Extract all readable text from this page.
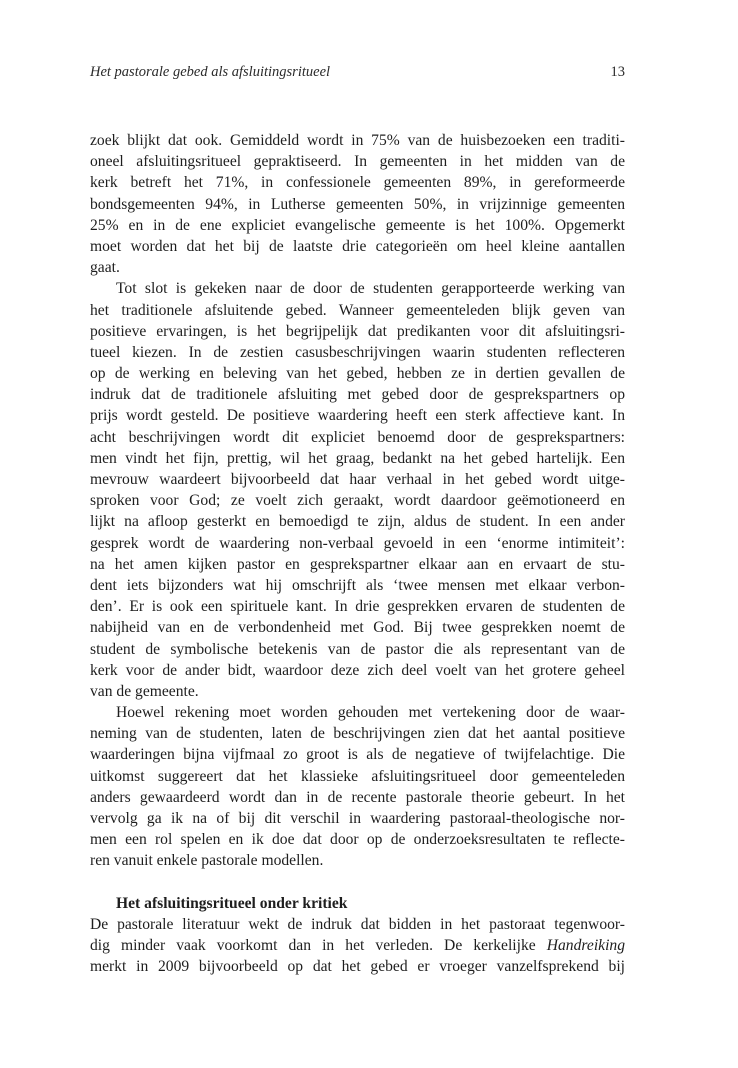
Het pastorale gebed als afsluitingsritueel	13
zoek blijkt dat ook. Gemiddeld wordt in 75% van de huisbezoeken een traditi-
oneel afsluitingsritueel gepraktiseerd. In gemeenten in het midden van de
kerk betreft het 71%, in confessionele gemeenten 89%, in gereformeerde
bondsgemeenten 94%, in Lutherse gemeenten 50%, in vrijzinnige gemeenten
25% en in de ene expliciet evangelische gemeente is het 100%. Opgemerkt
moet worden dat het bij de laatste drie categorieën om heel kleine aantallen
gaat.
Tot slot is gekeken naar de door de studenten gerapporteerde werking van
het traditionele afsluitende gebed. Wanneer gemeenteleden blijk geven van
positieve ervaringen, is het begrijpelijk dat predikanten voor dit afsluitingsri-
tueel kiezen. In de zestien casusbeschrijvingen waarin studenten reflecteren
op de werking en beleving van het gebed, hebben ze in dertien gevallen de
indruk dat de traditionele afsluiting met gebed door de gesprekspartners op
prijs wordt gesteld. De positieve waardering heeft een sterk affectieve kant. In
acht beschrijvingen wordt dit expliciet benoemd door de gesprekspartners:
men vindt het fijn, prettig, wil het graag, bedankt na het gebed hartelijk. Een
mevrouw waardeert bijvoorbeeld dat haar verhaal in het gebed wordt uitge-
sproken voor God; ze voelt zich geraakt, wordt daardoor geëmotioneerd en
lijkt na afloop gesterkt en bemoedigd te zijn, aldus de student. In een ander
gesprek wordt de waardering non-verbaal gevoeld in een ‘enorme intimiteit’:
na het amen kijken pastor en gesprekspartner elkaar aan en ervaart de stu-
dent iets bijzonders wat hij omschrijft als ‘twee mensen met elkaar verbon-
den’. Er is ook een spirituele kant. In drie gesprekken ervaren de studenten de
nabijheid van en de verbondenheid met God. Bij twee gesprekken noemt de
student de symbolische betekenis van de pastor die als representant van de
kerk voor de ander bidt, waardoor deze zich deel voelt van het grotere geheel
van de gemeente.
Hoewel rekening moet worden gehouden met vertekening door de waar-
neming van de studenten, laten de beschrijvingen zien dat het aantal positieve
waarderingen bijna vijfmaal zo groot is als de negatieve of twijfelachtige. Die
uitkomst suggereert dat het klassieke afsluitingsritueel door gemeenteleden
anders gewaardeerd wordt dan in de recente pastorale theorie gebeurt. In het
vervolg ga ik na of bij dit verschil in waardering pastoraal-theologische nor-
men een rol spelen en ik doe dat door op de onderzoeksresultaten te reflecte-
ren vanuit enkele pastorale modellen.
Het afsluitingsritueel onder kritiek
De pastorale literatuur wekt de indruk dat bidden in het pastoraat tegenwoor-
dig minder vaak voorkomt dan in het verleden. De kerkelijke Handreiking
merkt in 2009 bijvoorbeeld op dat het gebed er vroeger vanzelfsprekend bij
